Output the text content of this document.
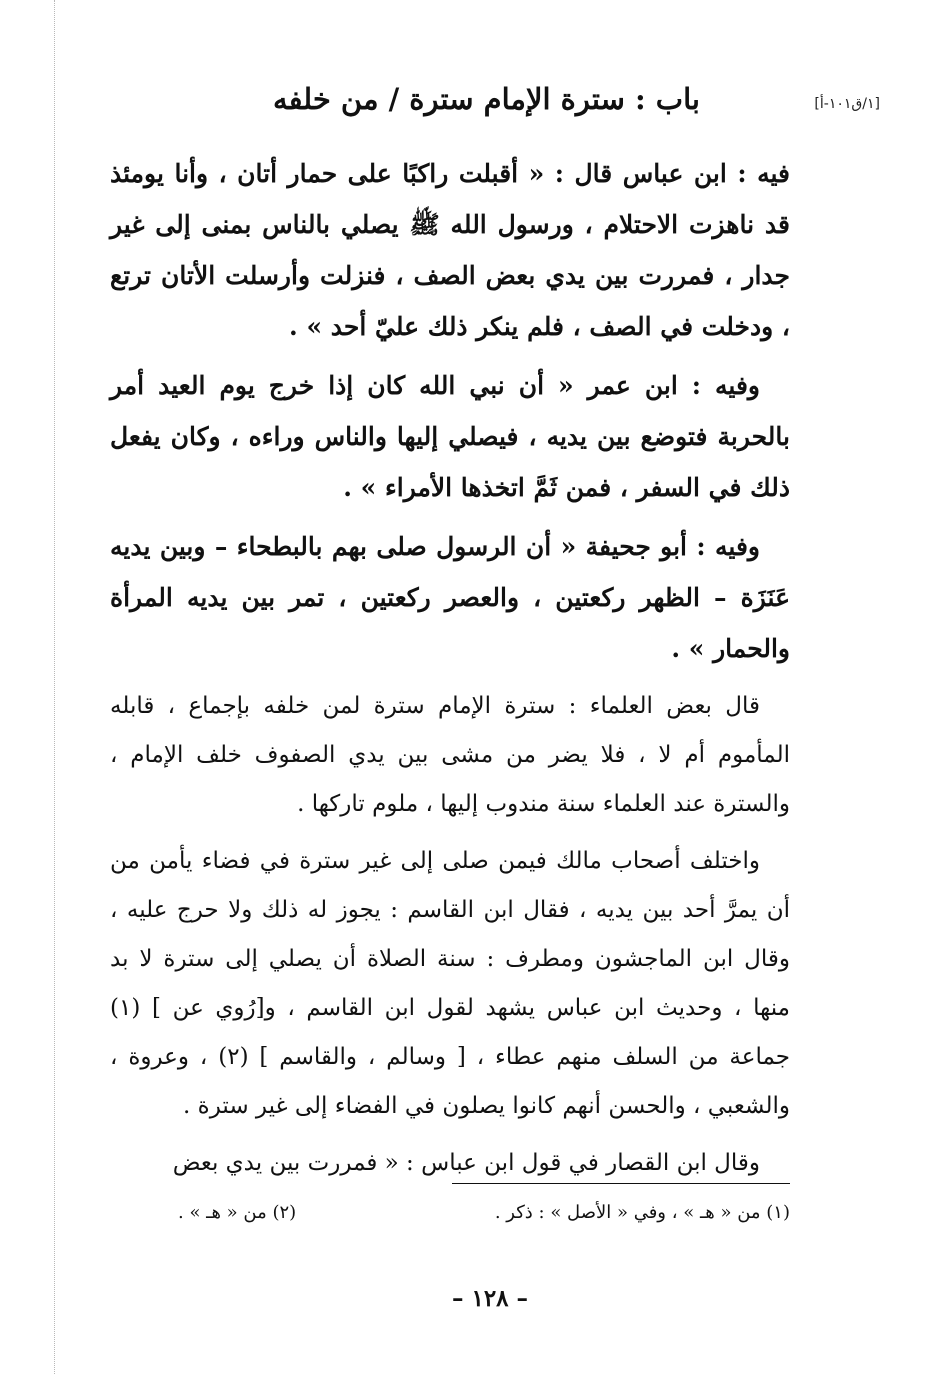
[١/ق١٠١-أ]
باب : سترة الإمام سترة / من خلفه

فيه : ابن عباس قال : « أقبلت راكبًا على حمار أتان ، وأنا يومئذ قد ناهزت الاحتلام ، ورسول الله ﷺ يصلي بالناس بمنى إلى غير جدار ، فمررت بين يدي بعض الصف ، فنزلت وأرسلت الأتان ترتع ، ودخلت في الصف ، فلم ينكر ذلك عليّ أحد » .

وفيه : ابن عمر « أن نبي الله كان إذا خرج يوم العيد أمر بالحربة فتوضع بين يديه ، فيصلي إليها والناس وراءه ، وكان يفعل ذلك في السفر ، فمن ثَمَّ اتخذها الأمراء » .

وفيه : أبو جحيفة « أن الرسول صلى بهم بالبطحاء – وبين يديه عَنَزَة – الظهر ركعتين ، والعصر ركعتين ، تمر بين يديه المرأة والحمار » .

قال بعض العلماء : سترة الإمام سترة لمن خلفه بإجماع ، قابله المأموم أم لا ، فلا يضر من مشى بين يدي الصفوف خلف الإمام ، والسترة عند العلماء سنة مندوب إليها ، ملوم تاركها .

واختلف أصحاب مالك فيمن صلى إلى غير سترة في فضاء يأمن من أن يمرَّ أحد بين يديه ، فقال ابن القاسم : يجوز له ذلك ولا حرج عليه ، وقال ابن الماجشون ومطرف : سنة الصلاة أن يصلي إلى سترة لا بد منها ، وحديث ابن عباس يشهد لقول ابن القاسم ، و[رُوي عن ] (١) جماعة من السلف منهم عطاء ، [ وسالم ، والقاسم ] (٢) ، وعروة ، والشعبي ، والحسن أنهم كانوا يصلون في الفضاء إلى غير سترة .

وقال ابن القصار في قول ابن عباس : « فمررت بين يدي بعض

(١) من « هـ » ، وفي « الأصل » : ذكر .
(٢) من « هـ » .
– ١٢٨ –
